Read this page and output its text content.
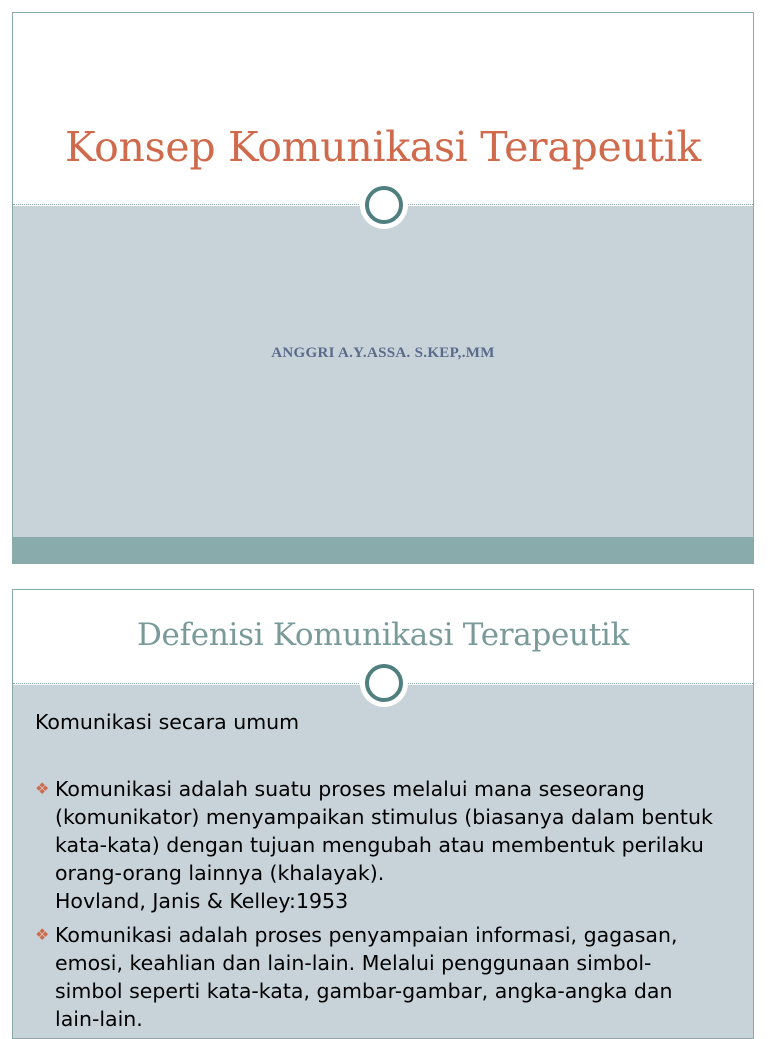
Konsep Komunikasi Terapeutik
ANGGRI A.Y.ASSA. S.KEP,.MM
Defenisi Komunikasi Terapeutik
Komunikasi secara umum
❖ Komunikasi adalah suatu proses melalui mana seseorang
(komunikator) menyampaikan stimulus (biasanya dalam bentuk
kata-kata) dengan tujuan mengubah atau membentuk perilaku
orang-orang lainnya (khalayak).
Hovland, Janis & Kelley:1953
❖ Komunikasi adalah proses penyampaian informasi, gagasan,
emosi, keahlian dan lain-lain. Melalui penggunaan simbol-
simbol seperti kata-kata, gambar-gambar, angka-angka dan
lain-lain.
